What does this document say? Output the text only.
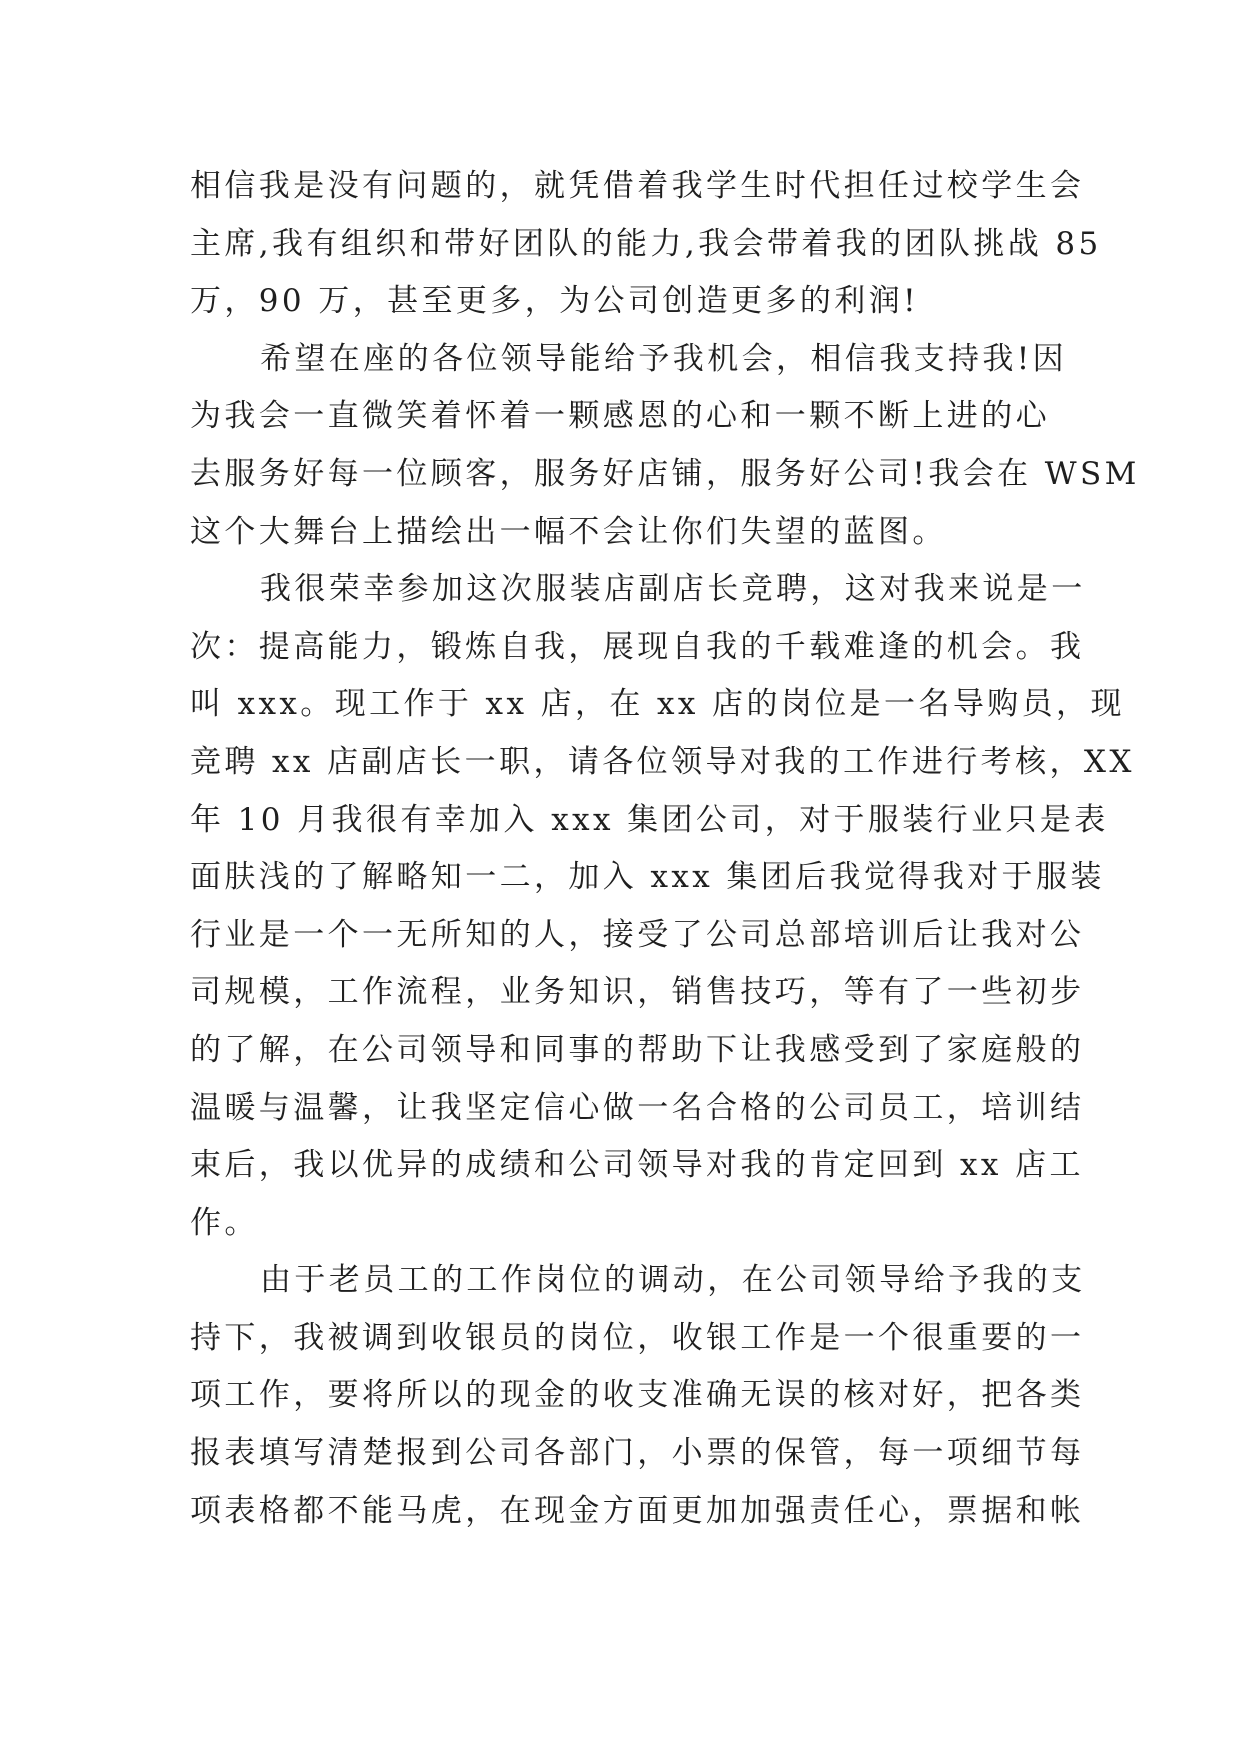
相信我是没有问题的，就凭借着我学生时代担任过校学生会
主席,我有组织和带好团队的能力,我会带着我的团队挑战 85
万，90 万，甚至更多，为公司创造更多的利润!
希望在座的各位领导能给予我机会，相信我支持我!因
为我会一直微笑着怀着一颗感恩的心和一颗不断上进的心
去服务好每一位顾客，服务好店铺，服务好公司!我会在 WSM
这个大舞台上描绘出一幅不会让你们失望的蓝图。
我很荣幸参加这次服装店副店长竞聘，这对我来说是一
次：提高能力，锻炼自我，展现自我的千载难逢的机会。我
叫 xxx。现工作于 xx 店，在 xx 店的岗位是一名导购员，现
竞聘 xx 店副店长一职，请各位领导对我的工作进行考核，XX
年 10 月我很有幸加入 xxx 集团公司，对于服装行业只是表
面肤浅的了解略知一二，加入 xxx 集团后我觉得我对于服装
行业是一个一无所知的人，接受了公司总部培训后让我对公
司规模，工作流程，业务知识，销售技巧，等有了一些初步
的了解，在公司领导和同事的帮助下让我感受到了家庭般的
温暖与温馨，让我坚定信心做一名合格的公司员工，培训结
束后，我以优异的成绩和公司领导对我的肯定回到 xx 店工
作。
由于老员工的工作岗位的调动，在公司领导给予我的支
持下，我被调到收银员的岗位，收银工作是一个很重要的一
项工作，要将所以的现金的收支准确无误的核对好，把各类
报表填写清楚报到公司各部门，小票的保管，每一项细节每
项表格都不能马虎，在现金方面更加加强责任心，票据和帐
